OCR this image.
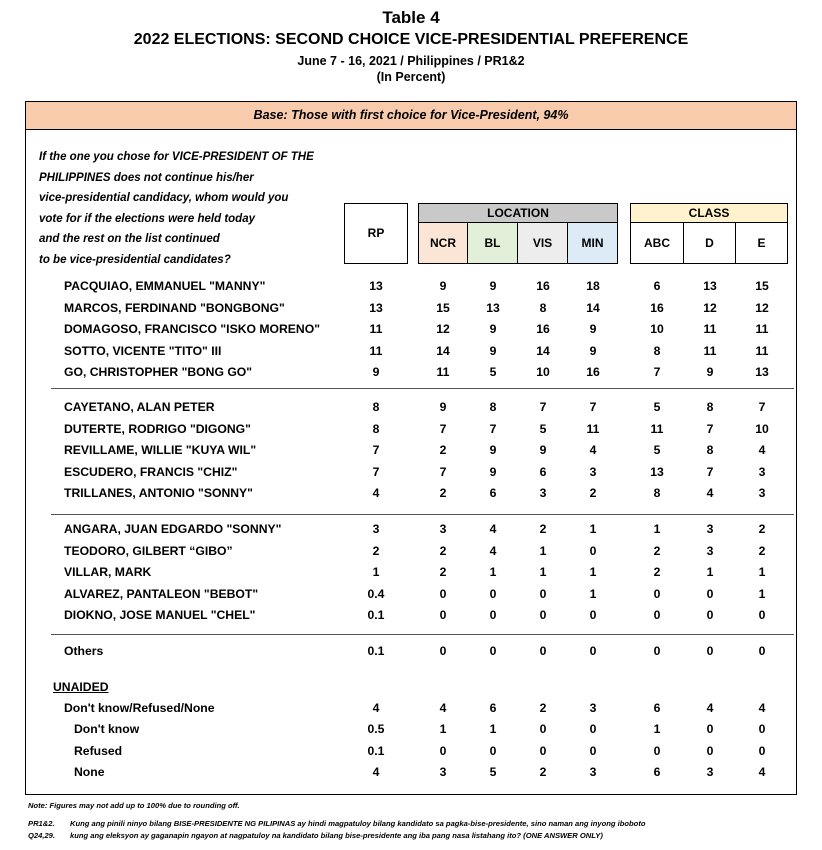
Table 4
2022 ELECTIONS: SECOND CHOICE VICE-PRESIDENTIAL PREFERENCE
June 7 - 16, 2021 / Philippines / PR1&2
(In Percent)
Base: Those with first choice for Vice-President, 94%
If the one you chose for VICE-PRESIDENT OF THE
PHILIPPINES does not continue his/her
vice-presidential candidacy, whom would you
vote for if the elections were held today
and the rest on the list continued
to be vice-presidential candidates?
RP
LOCATION	CLASS
NCR	BL	VIS	MIN	ABC	D	E
PACQUIAO, EMMANUEL "MANNY"	13	9	9	16	18	6	13	15
MARCOS, FERDINAND "BONGBONG"	13	15	13	8	14	16	12	12
DOMAGOSO, FRANCISCO "ISKO MORENO"	11	12	9	16	9	10	11	11
SOTTO, VICENTE "TITO" III	11	14	9	14	9	8	11	11
GO, CHRISTOPHER "BONG GO"	9	11	5	10	16	7	9	13
CAYETANO, ALAN PETER	8	9	8	7	7	5	8	7
DUTERTE, RODRIGO "DIGONG"	8	7	7	5	11	11	7	10
REVILLAME, WILLIE "KUYA WIL"	7	2	9	9	4	5	8	4
ESCUDERO, FRANCIS "CHIZ"	7	7	9	6	3	13	7	3
TRILLANES, ANTONIO "SONNY"	4	2	6	3	2	8	4	3
ANGARA, JUAN EDGARDO "SONNY"	3	3	4	2	1	1	3	2
TEODORO, GILBERT “GIBO”	2	2	4	1	0	2	3	2
VILLAR, MARK	1	2	1	1	1	2	1	1
ALVAREZ, PANTALEON "BEBOT"	0.4	0	0	0	1	0	0	1
DIOKNO, JOSE MANUEL "CHEL"	0.1	0	0	0	0	0	0	0
Others	0.1	0	0	0	0	0	0	0
UNAIDED
Don't know/Refused/None	4	4	6	2	3	6	4	4
Don't know	0.5	1	1	0	0	1	0	0
Refused	0.1	0	0	0	0	0	0	0
None	4	3	5	2	3	6	3	4
Note: Figures may not add up to 100% due to rounding off.
PR1&2. Kung ang pinili ninyo bilang BISE-PRESIDENTE NG PILIPINAS ay hindi magpatuloy bilang kandidato sa pagka-bise-presidente, sino naman ang inyong iboboto
Q24,29. kung ang eleksyon ay gaganapin ngayon at nagpatuloy na kandidato bilang bise-presidente ang iba pang nasa listahang ito? (ONE ANSWER ONLY)
